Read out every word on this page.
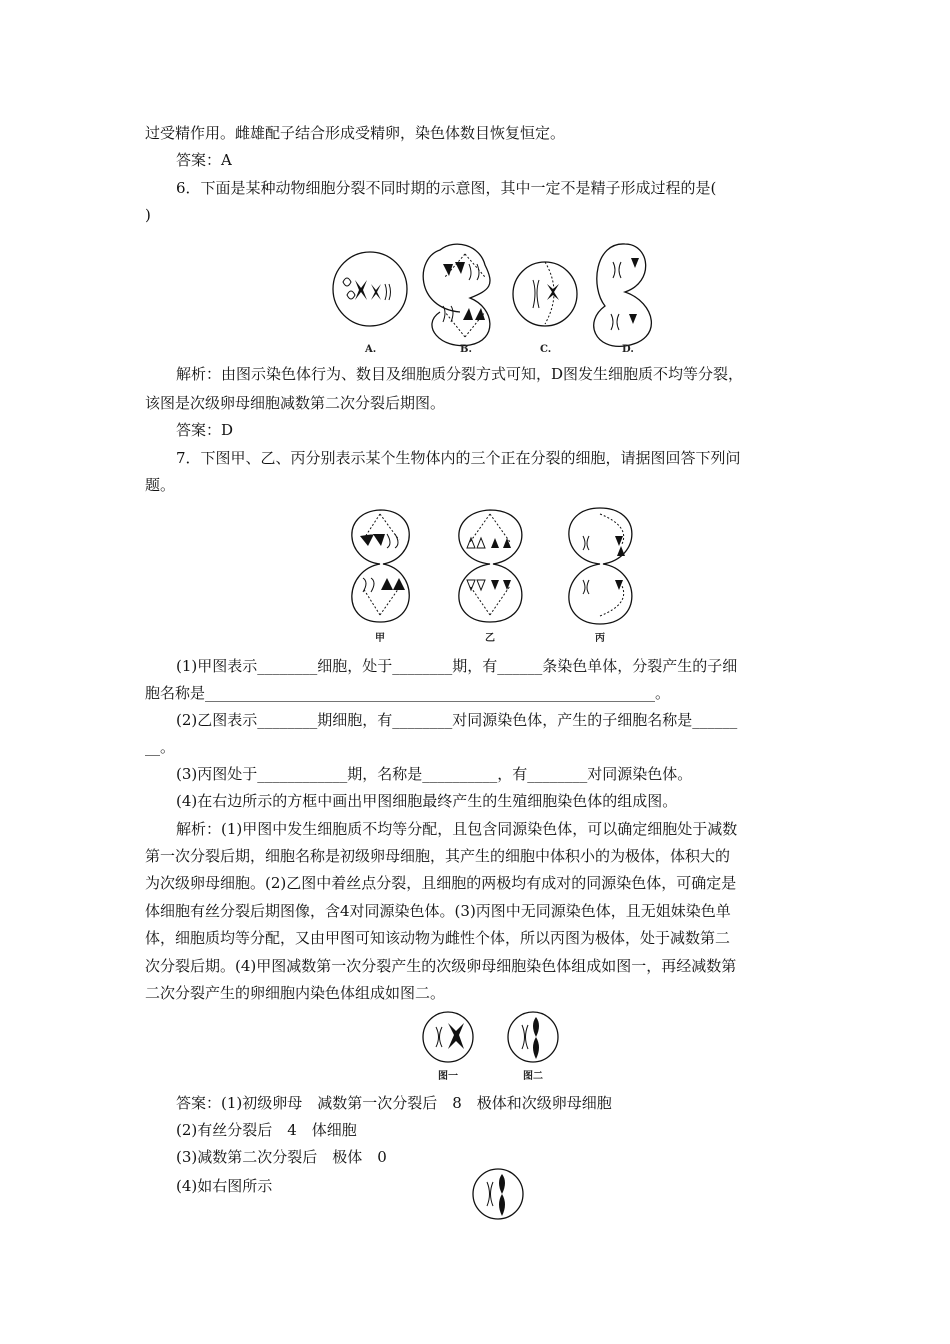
过受精作用。雌雄配子结合形成受精卵，染色体数目恢复恒定。
答案：A
6．下面是某种动物细胞分裂不同时期的示意图，其中一定不是精子形成过程的是(
)
A.	B.	C.	D.
解析：由图示染色体行为、数目及细胞质分裂方式可知，D图发生细胞质不均等分裂，
该图是次级卵母细胞减数第二次分裂后期图。
答案：D
7．下图甲、乙、丙分别表示某个生物体内的三个正在分裂的细胞，请据图回答下列问
题。
甲	乙	丙
(1)甲图表示________细胞，处于________期，有______条染色单体，分裂产生的子细
胞名称是____________________________________________________________。
(2)乙图表示________期细胞，有________对同源染色体，产生的子细胞名称是______
__。
(3)丙图处于____________期，名称是__________，有________对同源染色体。
(4)在右边所示的方框中画出甲图细胞最终产生的生殖细胞染色体的组成图。
解析：(1)甲图中发生细胞质不均等分配，且包含同源染色体，可以确定细胞处于减数
第一次分裂后期，细胞名称是初级卵母细胞，其产生的细胞中体积小的为极体，体积大的
为次级卵母细胞。(2)乙图中着丝点分裂，且细胞的两极均有成对的同源染色体，可确定是
体细胞有丝分裂后期图像，含4对同源染色体。(3)丙图中无同源染色体，且无姐妹染色单
体，细胞质均等分配，又由甲图可知该动物为雌性个体，所以丙图为极体，处于减数第二
次分裂后期。(4)甲图减数第一次分裂产生的次级卵母细胞染色体组成如图一，再经减数第
二次分裂产生的卵细胞内染色体组成如图二。
图一	图二
答案：(1)初级卵母　减数第一次分裂后　8　极体和次级卵母细胞
(2)有丝分裂后　4　体细胞
(3)减数第二次分裂后　极体　0
(4)如右图所示
